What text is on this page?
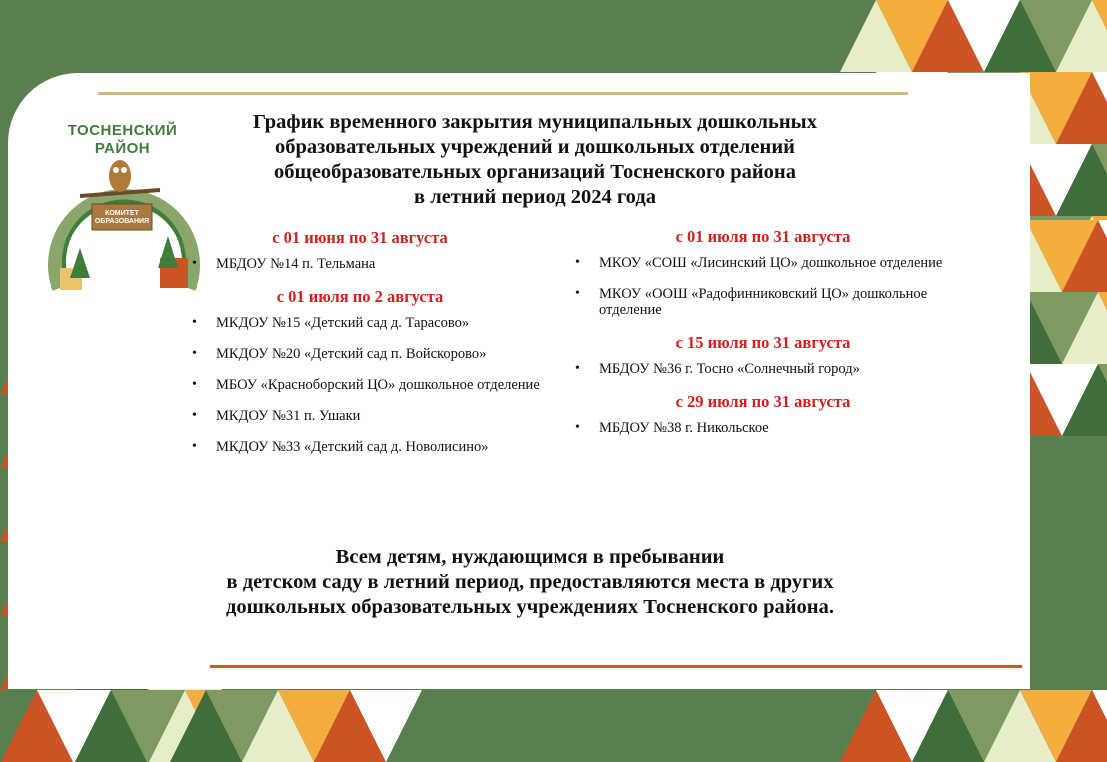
ТОСНЕНСКИЙ
РАЙОН
КОМИТЕТ
ОБРАЗОВАНИЯ
График временного закрытия муниципальных дошкольных
образовательных учреждений и дошкольных отделений
общеобразовательных организаций Тосненского района
в летний период 2024 года
с 01 июня по 31 августа
• МБДОУ №14 п. Тельмана
с 01 июля по 2 августа
• МКДОУ №15 «Детский сад д. Тарасово»
• МКДОУ №20 «Детский сад п. Войскорово»
• МБОУ «Красноборский ЦО» дошкольное отделение
• МКДОУ №31 п. Ушаки
• МКДОУ №33 «Детский сад д. Новолисино»
с 01 июля по 31 августа
• МКОУ «СОШ «Лисинский ЦО» дошкольное отделение
• МКОУ «ООШ «Радофинниковский ЦО» дошкольное отделение
с 15 июля по 31 августа
• МБДОУ №36 г. Тосно «Солнечный город»
с 29 июля по 31 августа
• МБДОУ №38 г. Никольское
Всем детям, нуждающимся в пребывании
в детском саду в летний период, предоставляются места в других
дошкольных образовательных учреждениях Тосненского района.
